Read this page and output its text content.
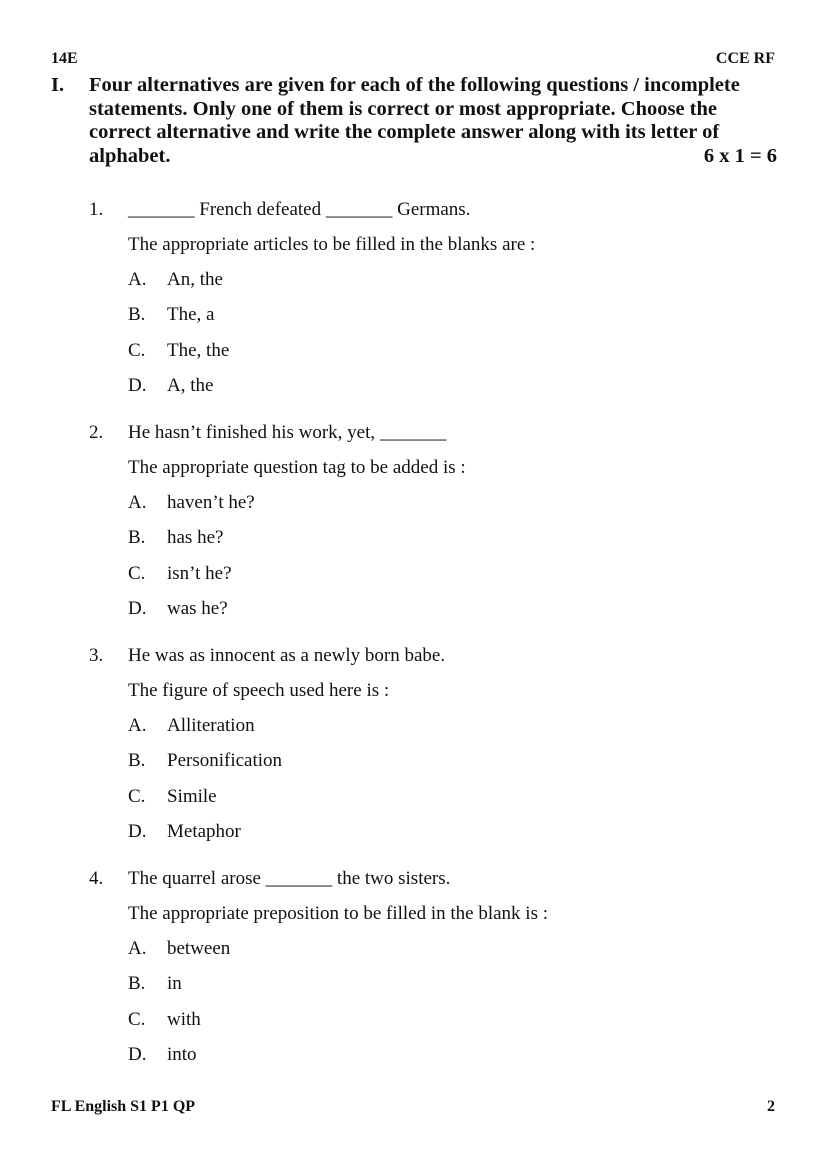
14E	CCE RF
I. Four alternatives are given for each of the following questions / incomplete
statements. Only one of them is correct or most appropriate. Choose the
correct alternative and write the complete answer along with its letter of
alphabet.	6 x 1 = 6
1.	_______ French defeated _______ Germans.
The appropriate articles to be filled in the blanks are :
A.	An, the
B.	The, a
C.	The, the
D.	A, the
2.	He hasn’t finished his work, yet, _______
The appropriate question tag to be added is :
A.	haven’t he?
B.	has he?
C.	isn’t he?
D.	was he?
3.	He was as innocent as a newly born babe.
The figure of speech used here is :
A.	Alliteration
B.	Personification
C.	Simile
D.	Metaphor
4.	The quarrel arose _______ the two sisters.
The appropriate preposition to be filled in the blank is :
A.	between
B.	in
C.	with
D.	into
FL English S1 P1 QP	2
